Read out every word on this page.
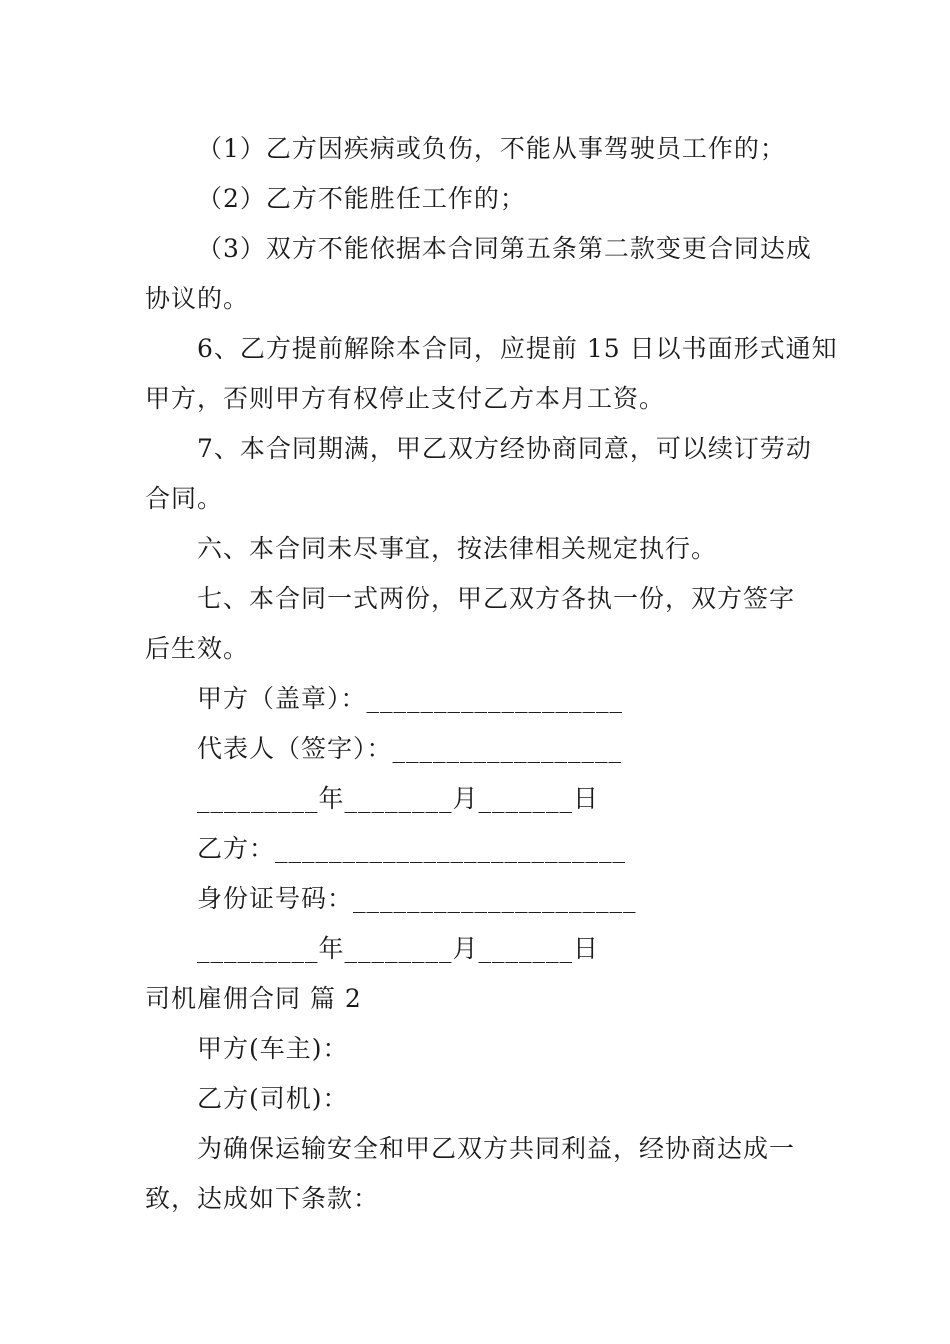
（1）乙方因疾病或负伤，不能从事驾驶员工作的；
（2）乙方不能胜任工作的；
（3）双方不能依据本合同第五条第二款变更合同达成
协议的。
6、乙方提前解除本合同，应提前 15 日以书面形式通知
甲方，否则甲方有权停止支付乙方本月工资。
7、本合同期满，甲乙双方经协商同意，可以续订劳动
合同。
六、本合同未尽事宜，按法律相关规定执行。
七、本合同一式两份，甲乙双方各执一份，双方签字
后生效。
甲方（盖章）：___________________
代表人（签字）：_________________
_________年________月_______日
乙方：__________________________
身份证号码：_____________________
_________年________月_______日
司机雇佣合同 篇 2
甲方(车主)：
乙方(司机)：
为确保运输安全和甲乙双方共同利益，经协商达成一
致，达成如下条款：
